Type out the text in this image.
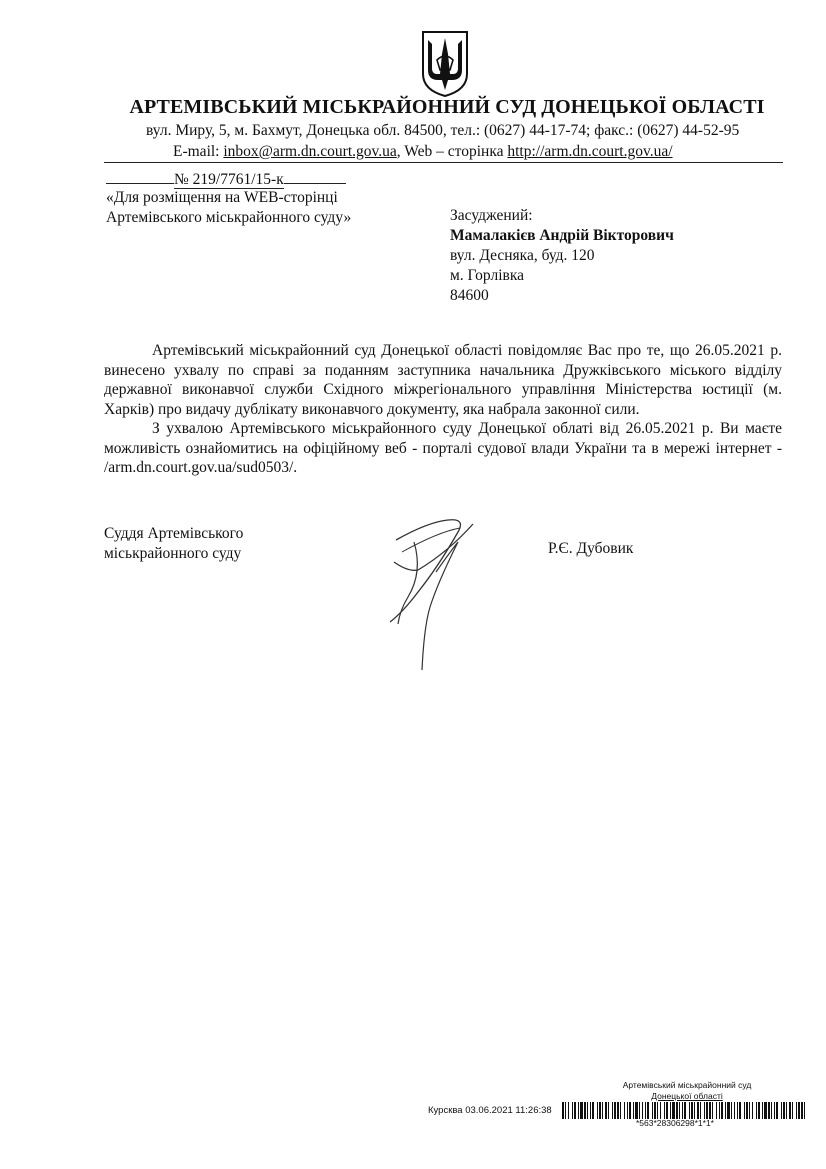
АРТЕМІВСЬКИЙ МІСЬКРАЙОННИЙ СУД ДОНЕЦЬКОЇ ОБЛАСТІ
вул. Миру, 5, м. Бахмут, Донецька обл. 84500, тел.: (0627) 44-17-74; факс.: (0627) 44-52-95
E-mail: inbox@arm.dn.court.gov.ua, Web – сторінка http://arm.dn.court.gov.ua/
№ 219/7761/15-к
«Для розміщення на WEB-сторінці Артемівського міськрайонного суду»	Засуджений:
Мамалакієв Андрій Вікторович
вул. Десняка, буд. 120
м. Горлівка
84600

Артемівський міськрайонний суд Донецької області повідомляє Вас про те, що 26.05.2021 р. винесено ухвалу по справі за поданням заступника начальника Дружківського міського відділу державної виконавчої служби Східного міжрегіонального управління Міністерства юстиції (м. Харків) про видачу дублікату виконавчого документу, яка набрала законної сили.

З ухвалою Артемівського міськрайонного суду Донецької облаті від 26.05.2021 р. Ви маєте можливість ознайомитись на офіційному веб - порталі судової влади України та в мережі інтернет - /arm.dn.court.gov.ua/sud0503/.

Суддя Артемівського
міськрайонного суду	Р.Є. Дубовик
Артемівський міськрайонний суд
Донецької області
Курсква 03.06.2021 11:26:38
*563*28306298*1*1*
